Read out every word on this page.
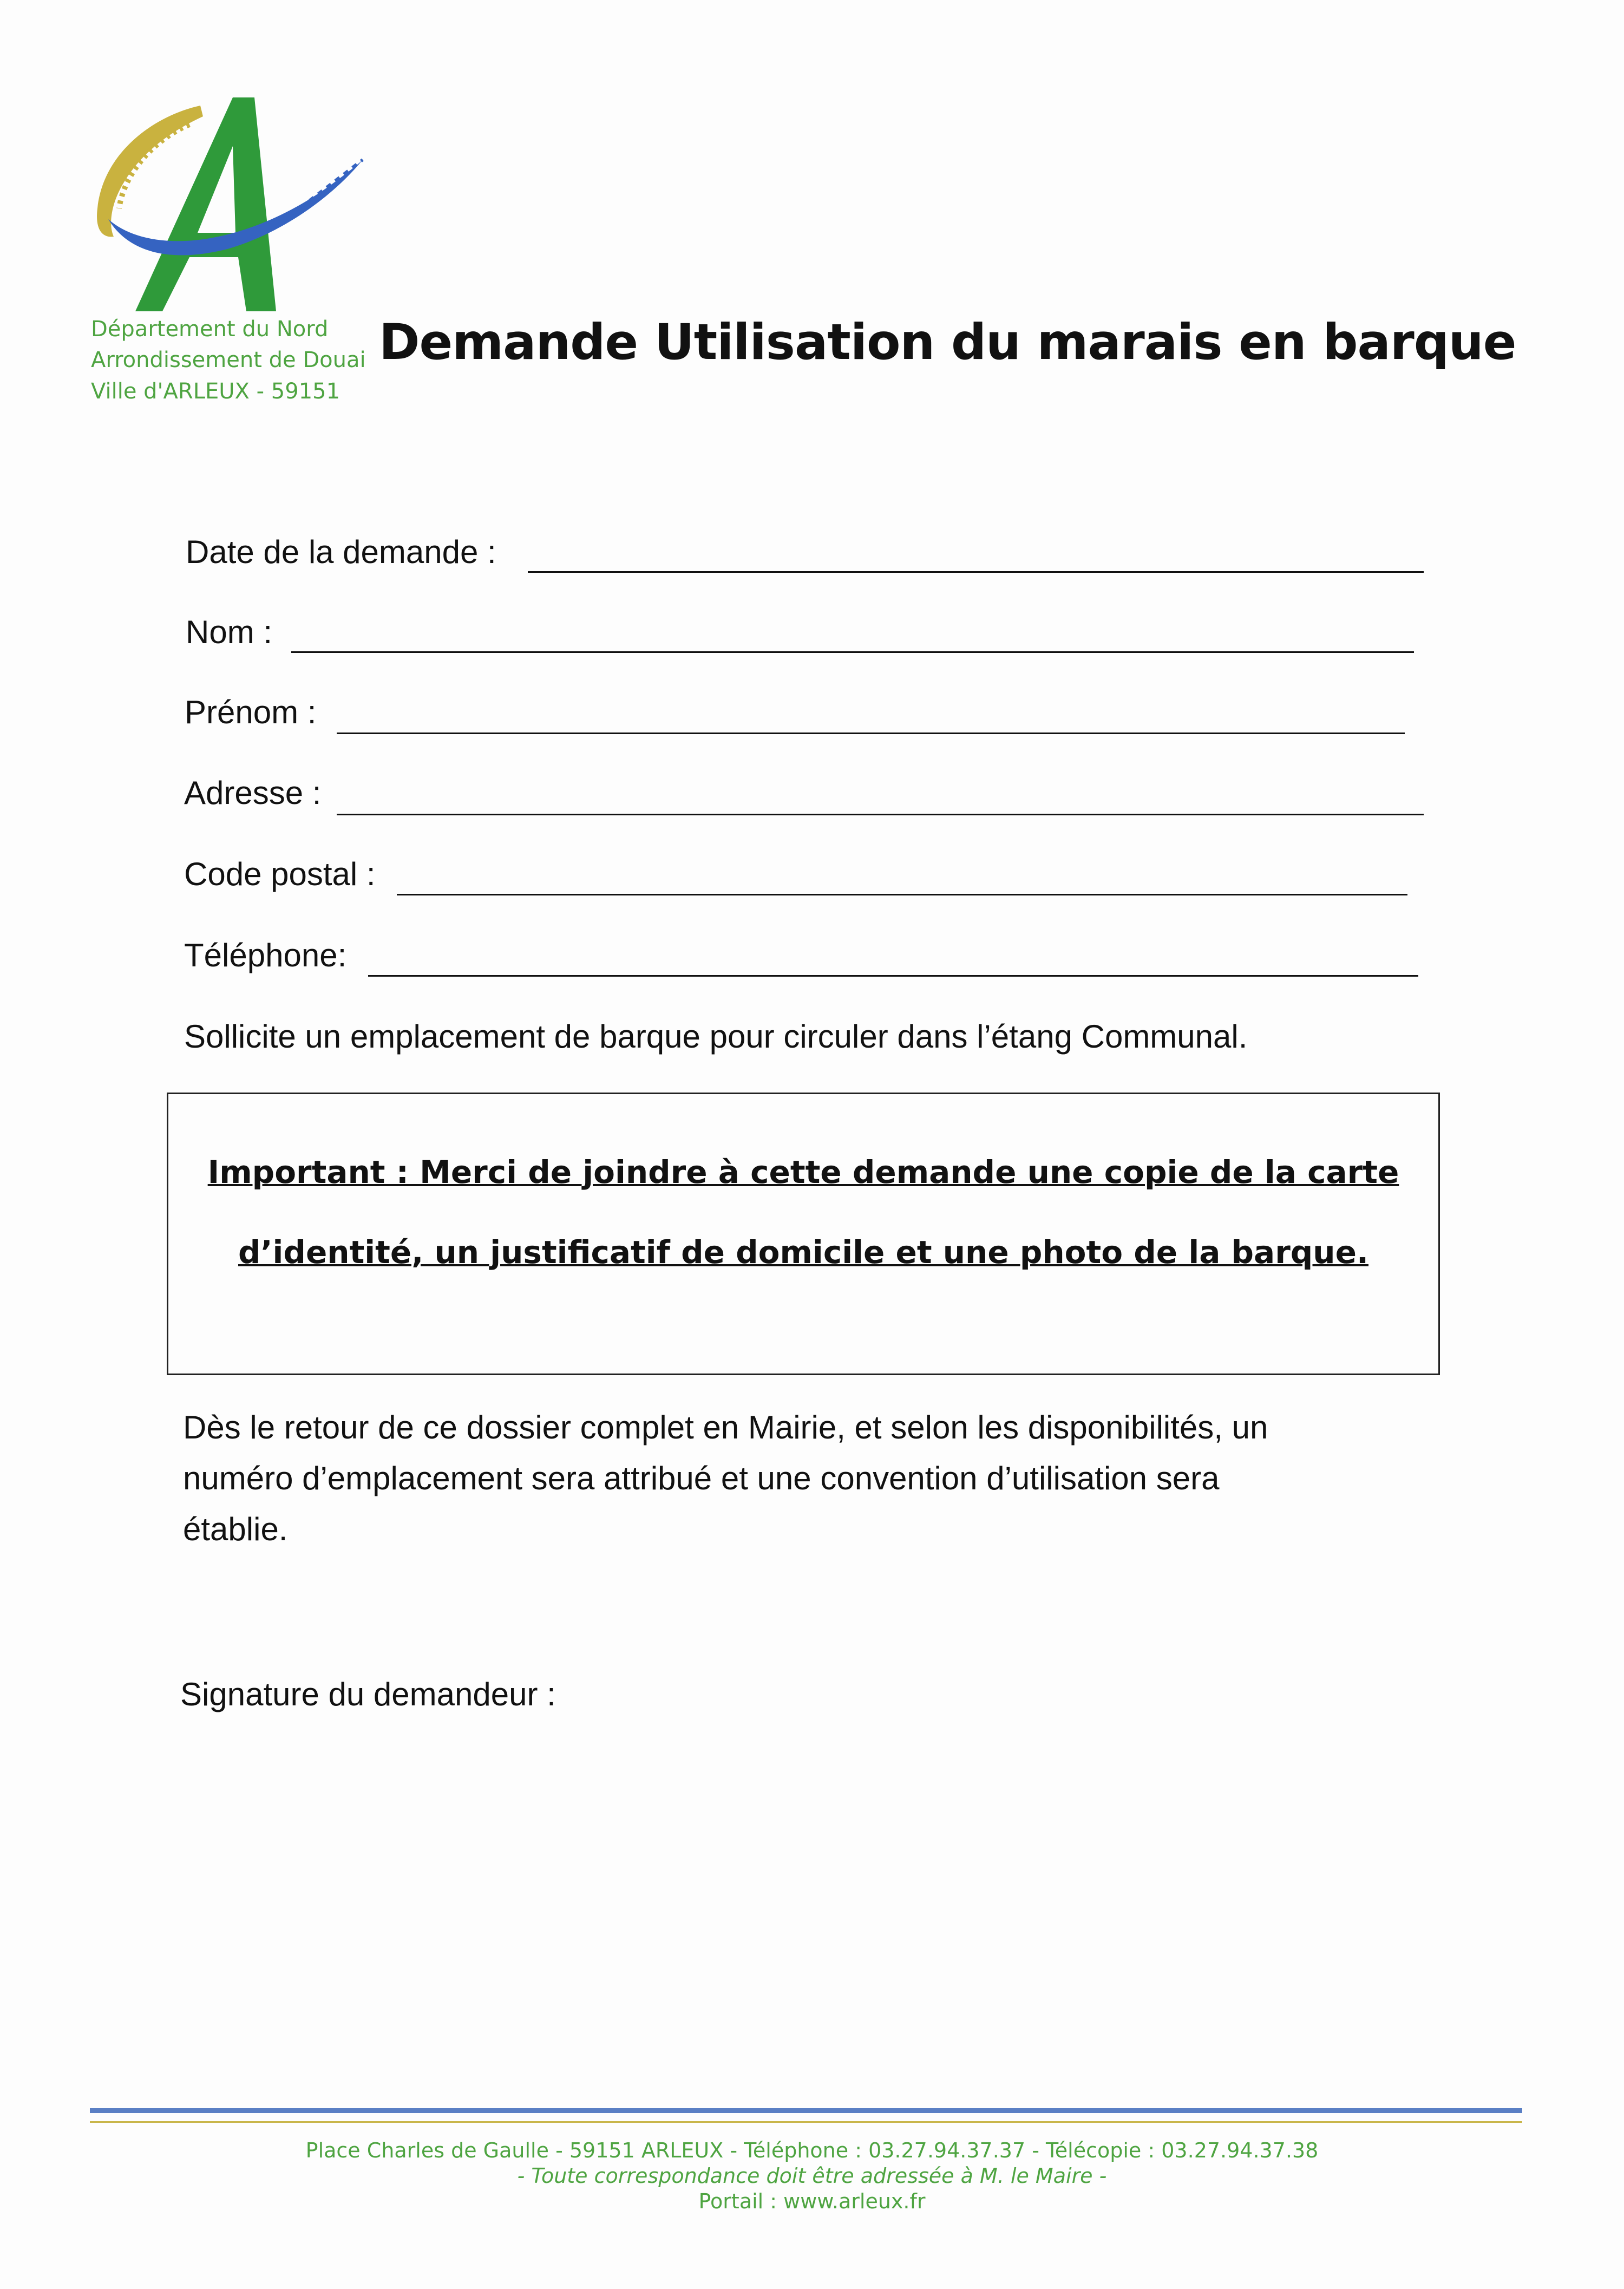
Département du Nord
Arrondissement de Douai
Ville d'ARLEUX - 59151
Demande Utilisation du marais en barque
Date de la demande :
Nom :
Prénom :
Adresse :
Code postal :
Téléphone:
Sollicite un emplacement de barque pour circuler dans l’étang Communal.
Important : Merci de joindre à cette demande une copie de la carte
d’identité, un justificatif de domicile et une photo de la barque.
Dès le retour de ce dossier complet en Mairie, et selon les disponibilités, un
numéro d’emplacement sera attribué et une convention d’utilisation sera
établie.
Signature du demandeur :
Place Charles de Gaulle - 59151 ARLEUX - Téléphone : 03.27.94.37.37 - Télécopie : 03.27.94.37.38
- Toute correspondance doit être adressée à M. le Maire -
Portail : www.arleux.fr
